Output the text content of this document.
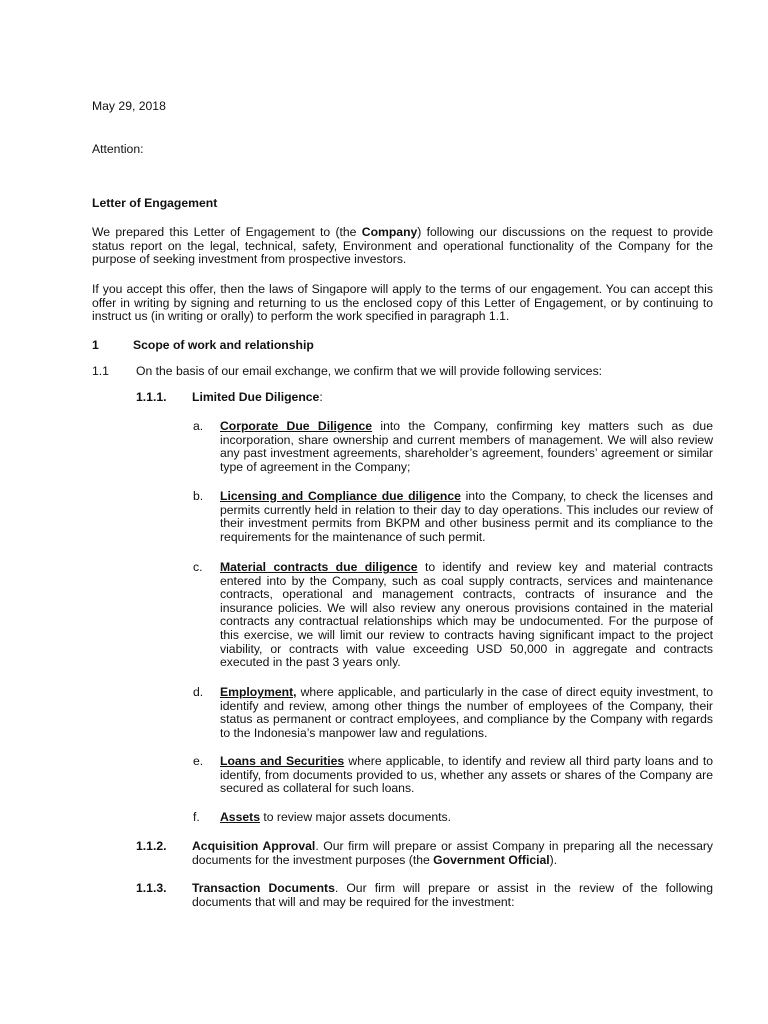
May 29, 2018
Attention:
Letter of Engagement

We prepared this Letter of Engagement to (the Company) following our discussions on the request to provide status report on the legal, technical, safety, Environment and operational functionality of the Company for the purpose of seeking investment from prospective investors.

If you accept this offer, then the laws of Singapore will apply to the terms of our engagement. You can accept this offer in writing by signing and returning to us the enclosed copy of this Letter of Engagement, or by continuing to instruct us (in writing or orally) to perform the work specified in paragraph 1.1.

1	Scope of work and relationship
1.1 On the basis of our email exchange, we confirm that we will provide following services:
1.1.1. Limited Due Diligence:
a. Corporate Due Diligence into the Company, confirming key matters such as due incorporation, share ownership and current members of management. We will also review any past investment agreements, shareholder’s agreement, founders’ agreement or similar type of agreement in the Company;

b. Licensing and Compliance due diligence into the Company, to check the licenses and permits currently held in relation to their day to day operations. This includes our review of their investment permits from BKPM and other business permit and its compliance to the requirements for the maintenance of such permit.

c. Material contracts due diligence to identify and review key and material contracts entered into by the Company, such as coal supply contracts, services and maintenance contracts, operational and management contracts, contracts of insurance and the insurance policies. We will also review any onerous provisions contained in the material contracts any contractual relationships which may be undocumented. For the purpose of this exercise, we will limit our review to contracts having significant impact to the project viability, or contracts with value exceeding USD 50,000 in aggregate and contracts executed in the past 3 years only.

d. Employment, where applicable, and particularly in the case of direct equity investment, to identify and review, among other things the number of employees of the Company, their status as permanent or contract employees, and compliance by the Company with regards to the Indonesia’s manpower law and regulations.

e. Loans and Securities where applicable, to identify and review all third party loans and to identify, from documents provided to us, whether any assets or shares of the Company are secured as collateral for such loans.

f. Assets to review major assets documents.

1.1.2. Acquisition Approval. Our firm will prepare or assist Company in preparing all the necessary documents for the investment purposes (the Government Official).

1.1.3. Transaction Documents. Our firm will prepare or assist in the review of the following documents that will and may be required for the investment:
